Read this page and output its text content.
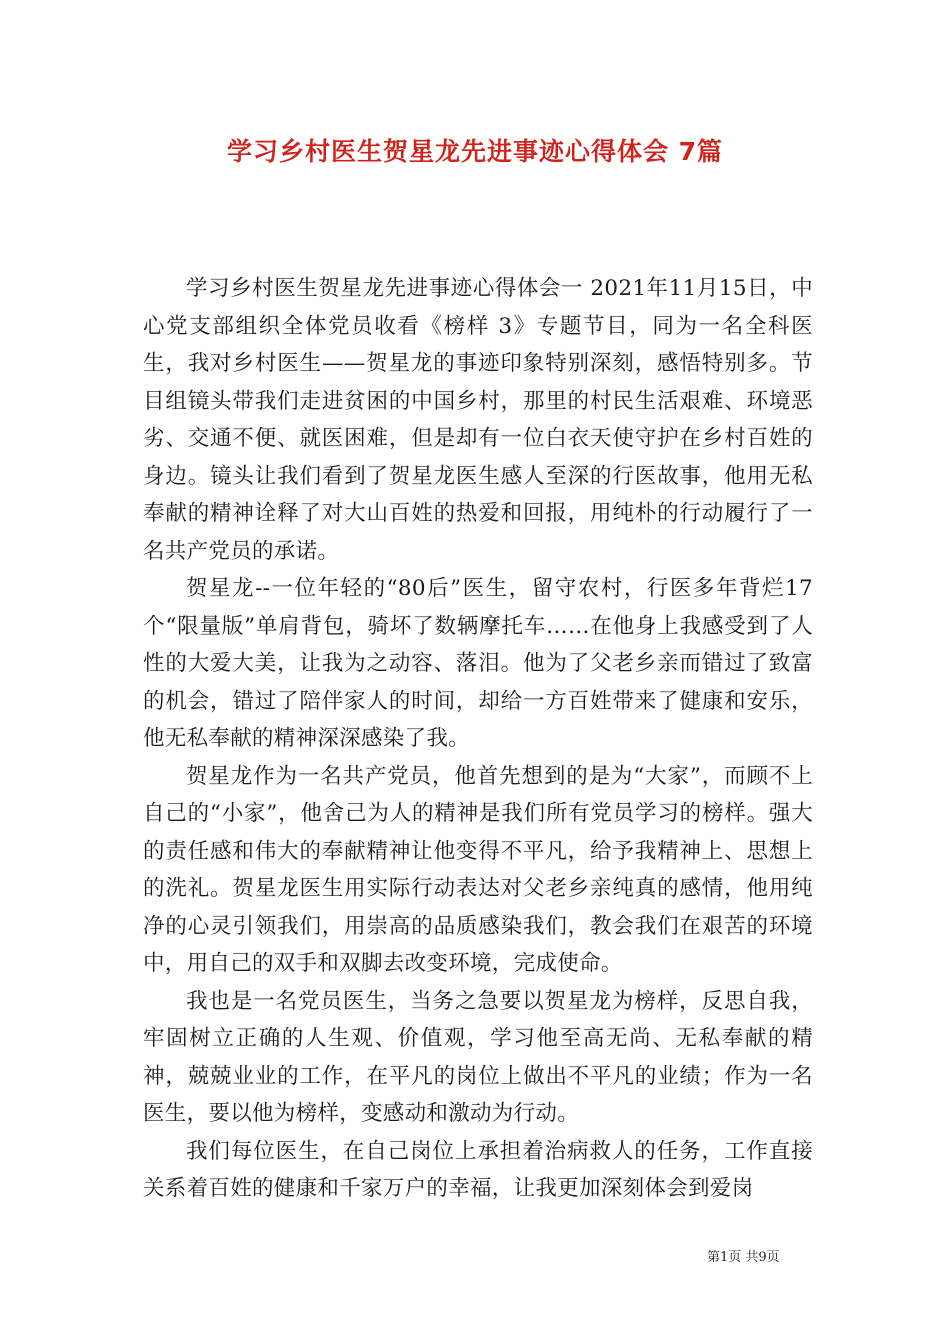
学习乡村医生贺星龙先进事迹心得体会 7篇

学习乡村医生贺星龙先进事迹心得体会一 2021年11月15日，中心党支部组织全体党员收看《榜样 3》专题节目，同为一名全科医生，我对乡村医生——贺星龙的事迹印象特别深刻，感悟特别多。节目组镜头带我们走进贫困的中国乡村，那里的村民生活艰难、环境恶劣、交通不便、就医困难，但是却有一位白衣天使守护在乡村百姓的身边。镜头让我们看到了贺星龙医生感人至深的行医故事，他用无私奉献的精神诠释了对大山百姓的热爱和回报，用纯朴的行动履行了一名共产党员的承诺。

贺星龙--一位年轻的“80后”医生，留守农村，行医多年背烂17个“限量版”单肩背包，骑坏了数辆摩托车……在他身上我感受到了人性的大爱大美，让我为之动容、落泪。他为了父老乡亲而错过了致富的机会，错过了陪伴家人的时间，却给一方百姓带来了健康和安乐，他无私奉献的精神深深感染了我。

贺星龙作为一名共产党员，他首先想到的是为“大家”，而顾不上自己的“小家”，他舍己为人的精神是我们所有党员学习的榜样。强大的责任感和伟大的奉献精神让他变得不平凡，给予我精神上、思想上的洗礼。贺星龙医生用实际行动表达对父老乡亲纯真的感情，他用纯净的心灵引领我们，用崇高的品质感染我们，教会我们在艰苦的环境中，用自己的双手和双脚去改变环境，完成使命。

我也是一名党员医生，当务之急要以贺星龙为榜样，反思自我，牢固树立正确的人生观、价值观，学习他至高无尚、无私奉献的精神，兢兢业业的工作，在平凡的岗位上做出不平凡的业绩；作为一名医生，要以他为榜样，变感动和激动为行动。

我们每位医生，在自己岗位上承担着治病救人的任务，工作直接关系着百姓的健康和千家万户的幸福，让我更加深刻体会到爱岗

第1页 共9页
